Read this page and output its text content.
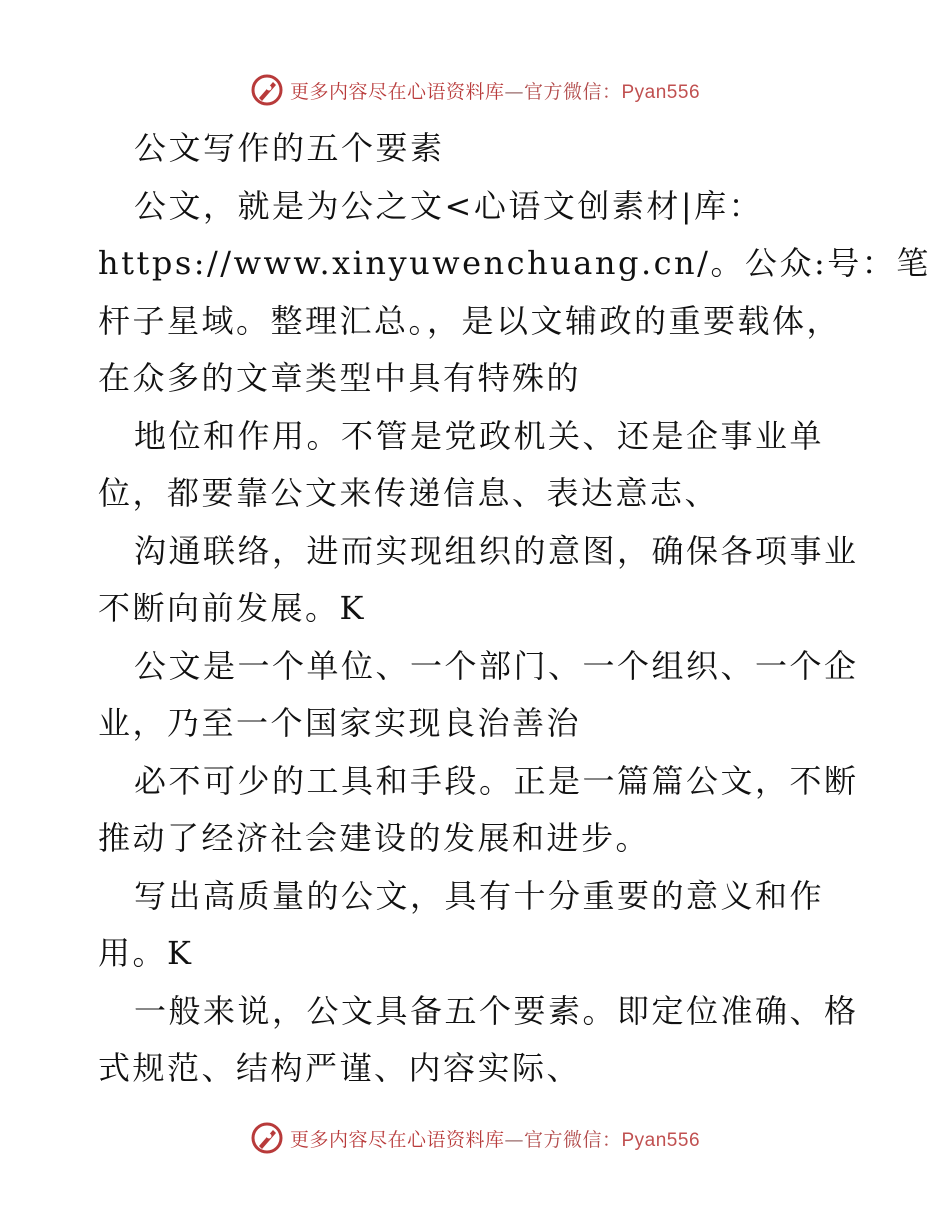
更多内容尽在心语资料库—官方微信：Pyan556
公文写作的五个要素
公文，就是为公之文<心语文创素材|库：
https://www.xinyuwenchuang.cn/。公众:号：笔
杆子星域。整理汇总。，是以文辅政的重要载体，
在众多的文章类型中具有特殊的
地位和作用。不管是党政机关、还是企事业单
位，都要靠公文来传递信息、表达意志、
沟通联络，进而实现组织的意图，确保各项事业
不断向前发展。K
公文是一个单位、一个部门、一个组织、一个企
业，乃至一个国家实现良治善治
必不可少的工具和手段。正是一篇篇公文，不断
推动了经济社会建设的发展和进步。
写出高质量的公文，具有十分重要的意义和作
用。K
一般来说，公文具备五个要素。即定位准确、格
式规范、结构严谨、内容实际、
更多内容尽在心语资料库—官方微信：Pyan556
